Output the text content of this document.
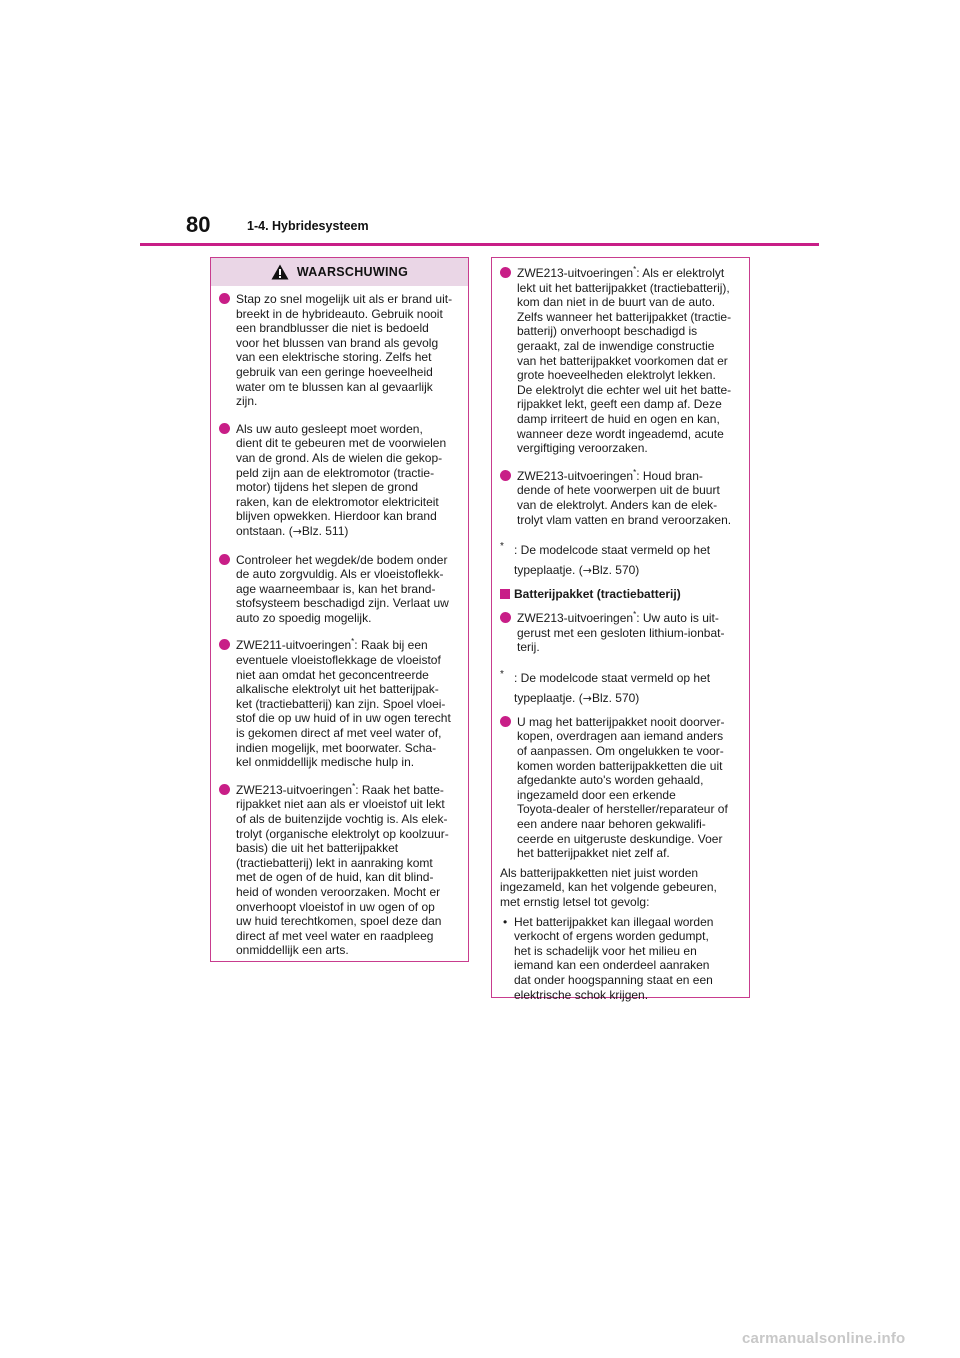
80	1-4. Hybridesysteem
WAARSCHUWING
Stap zo snel mogelijk uit als er brand uit-
breekt in de hybrideauto. Gebruik nooit
een brandblusser die niet is bedoeld
voor het blussen van brand als gevolg
van een elektrische storing. Zelfs het
gebruik van een geringe hoeveelheid
water om te blussen kan al gevaarlijk
zijn.
Als uw auto gesleept moet worden,
dient dit te gebeuren met de voorwielen
van de grond. Als de wielen die gekop-
peld zijn aan de elektromotor (tractie-
motor) tijdens het slepen de grond
raken, kan de elektromotor elektriciteit
blijven opwekken. Hierdoor kan brand
ontstaan. (→Blz. 511)
Controleer het wegdek/de bodem onder
de auto zorgvuldig. Als er vloeistoflekk-
age waarneembaar is, kan het brand-
stofsysteem beschadigd zijn. Verlaat uw
auto zo spoedig mogelijk.
ZWE211-uitvoeringen*: Raak bij een
eventuele vloeistoflekkage de vloeistof
niet aan omdat het geconcentreerde
alkalische elektrolyt uit het batterijpak-
ket (tractiebatterij) kan zijn. Spoel vloei-
stof die op uw huid of in uw ogen terecht
is gekomen direct af met veel water of,
indien mogelijk, met boorwater. Scha-
kel onmiddellijk medische hulp in.
ZWE213-uitvoeringen*: Raak het batte-
rijpakket niet aan als er vloeistof uit lekt
of als de buitenzijde vochtig is. Als elek-
trolyt (organische elektrolyt op koolzuur-
basis) die uit het batterijpakket
(tractiebatterij) lekt in aanraking komt
met de ogen of de huid, kan dit blind-
heid of wonden veroorzaken. Mocht er
onverhoopt vloeistof in uw ogen of op
uw huid terechtkomen, spoel deze dan
direct af met veel water en raadpleeg
onmiddellijk een arts.
ZWE213-uitvoeringen*: Als er elektrolyt
lekt uit het batterijpakket (tractiebatterij),
kom dan niet in de buurt van de auto.
Zelfs wanneer het batterijpakket (tractie-
batterij) onverhoopt beschadigd is
geraakt, zal de inwendige constructie
van het batterijpakket voorkomen dat er
grote hoeveelheden elektrolyt lekken.
De elektrolyt die echter wel uit het batte-
rijpakket lekt, geeft een damp af. Deze
damp irriteert de huid en ogen en kan,
wanneer deze wordt ingeademd, acute
vergiftiging veroorzaken.
ZWE213-uitvoeringen*: Houd bran-
dende of hete voorwerpen uit de buurt
van de elektrolyt. Anders kan de elek-
trolyt vlam vatten en brand veroorzaken.
* : De modelcode staat vermeld op het
typeplaatje. (→Blz. 570)
Batterijpakket (tractiebatterij)
ZWE213-uitvoeringen*: Uw auto is uit-
gerust met een gesloten lithium-ionbat-
terij.
* : De modelcode staat vermeld op het
typeplaatje. (→Blz. 570)
U mag het batterijpakket nooit doorver-
kopen, overdragen aan iemand anders
of aanpassen. Om ongelukken te voor-
komen worden batterijpakketten die uit
afgedankte auto's worden gehaald,
ingezameld door een erkende
Toyota-dealer of hersteller/reparateur of
een andere naar behoren gekwalifi-
ceerde en uitgeruste deskundige. Voer
het batterijpakket niet zelf af.
Als batterijpakketten niet juist worden
ingezameld, kan het volgende gebeuren,
met ernstig letsel tot gevolg:
• Het batterijpakket kan illegaal worden
verkocht of ergens worden gedumpt,
het is schadelijk voor het milieu en
iemand kan een onderdeel aanraken
dat onder hoogspanning staat en een
elektrische schok krijgen.
carmanualsonline.info
